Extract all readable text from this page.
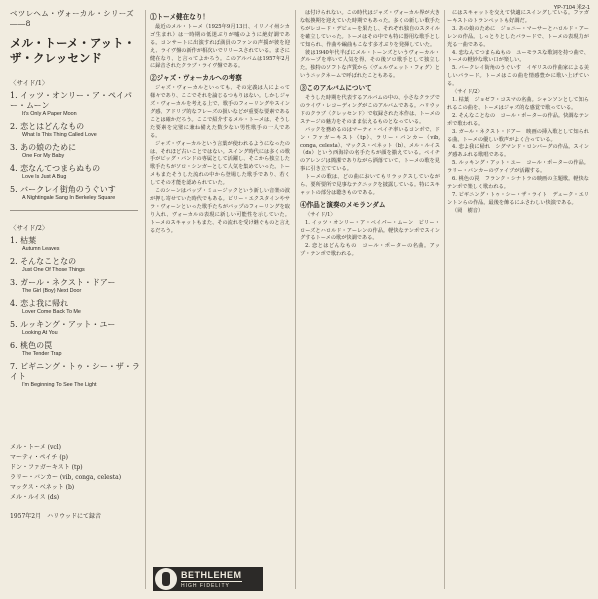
YP-7104 米2-1
ベツレヘム・ヴォーカル・シリーズ――8
メル・トーメ・アット・ザ・クレッセンド
〈サイド/1〉
1. イッツ・オンリー・ア・ペイパー・ムーン
It's Only A Paper Moon
2. 恋とはどんなもの
What Is This Thing Called Love
3. あの娘のために
One For My Baby
4. 恋なんてつまらぬもの
Love Is Just A Bug
5. バークレイ街角のうぐいす
A Nightingale Sang In Berkeley Square
〈サイド/2〉
1. 枯葉
Autumn Leaves
2. そんなことなの
Just One Of Those Things
3. ガール・ネクスト・ドアー
The Girl (Boy) Next Door
4. 恋よ我に帰れ
Lover Come Back To Me
5. ルッキング・アット・ユー
Looking At You
6. 桃色の罠
The Tender Trap
7. ビギニング・トゥ・シー・ザ・ライト
I'm Beginning To See The Light
メル・トーメ (vcl)
マーティ・ペイチ (p)
ドン・ファガーキスト (tp)
ラリー・バンカー (vib, conga, celesta)
マックス・ベネット (b)
メル・ルイス (ds)
1957年2月　ハリウッドにて録音
①トーメ健在なり！

最近のメル・トーメ（1925年9月13日、イリノイ州シカゴ生まれ）は一時期の低迷ぶりが嘘のように絶好調である。コンサートに出演すれば満員のファンの声援が彼を迎え、ライヴ盤の新作が相次いでリリースされている。まさに健在なり、と言ってよかろう。このアルバムは1957年2月に録音されたクラブ・ライヴ盤である。

②ジャズ・ヴォーカルへの考察

ジャズ・ヴォーカルといっても、その定義は人によって様々であり、ここでそれを論じるつもりはない。しかしジャズ・ヴォーカルを考える上で、歌手のフィーリングやスイング感、アドリブ的なフレーズの扱いなどが重要な要素であることは確かだろう。ここで紹介するメル・トーメは、そうした要素を完璧に兼ね備えた数少ない男性歌手の一人である。

ジャズ・ヴォーカルという言葉が使われるようになったのは、それほど古いことではない。スイング時代には多くの歌手がビッグ・バンドの専属として活躍し、そこから独立した歌手たちがソロ・シンガーとして人気を集めていった。トーメもまたそうした流れの中から登場した歌手であり、若くしてその才能を認められていた。

このシーンはバップ・ミュージックという新しい音楽の波が押し寄せていた時代でもある。ビリー・エクスタインやサラ・ヴォーンといった歌手たちがバップのフィーリングを取り入れ、ヴォーカルの表現に新しい可能性を示していた。トーメのスキャットもまた、その流れを受け継ぐものと言えるだろう。

は付けられない。この時代はジャズ・ヴォーカル界が大きな転換期を迎えていた時期でもあった。多くの新しい歌手たちがレコード・デビューを果たし、それぞれ独自のスタイルを確立していった。トーメはその中でも特に器用な歌手として知られ、作曲や編曲もこなす多才ぶりを発揮していた。

彼は1940年代半ばにメル・トーンズというヴォーカル・グループを率いて人気を得、その後ソロ歌手として独立した。独特のソフトな声質から〈ヴェルヴェット・フォグ〉というニックネームで呼ばれたこともある。

③このアルバムについて

そうした時期を代表するアルバムの中の、小さなクラブでのライヴ・レコーディングがこのアルバムである。ハリウッドのクラブ〈クレッセンド〉で収録された本作は、トーメのステージの魅力をそのまま伝えるものとなっている。

バックを務めるのはマーティ・ペイチ率いるコンボで、ドン・ファガーキスト（tp）、ラリー・バンカー（vib, conga, celesta）、マックス・ベネット（b）、メル・ルイス（ds）という西海岸の名手たちが顔を揃えている。ペイチのアレンジは簡潔でありながら洒落ていて、トーメの歌を見事に引き立てている。

トーメの歌は、どの曲においてもリラックスしていながら、要所要所で見事なテクニックを披露している。特にスキャットの部分は聴きものである。

④作品と演奏のメモランダム

〈サイド/1〉

1. イッツ・オンリー・ア・ペイパー・ムーン　ビリー・ローズとハロルド・アーレンの作品。軽快なテンポでスイングするトーメの歌が快調である。

2. 恋とはどんなもの　コール・ポーターの名曲。アップ・テンポで歌われる。

にはスキャットを交えて快適にスイングしている。ファガーキストのトランペットも好調だ。

3. あの娘のために　ジョニー・マーサーとハロルド・アーレンの作品。しっとりとしたバラードで、トーメの表現力が光る一曲である。

4. 恋なんてつまらぬもの　ユーモラスな歌詞を持つ曲で、トーメの軽妙な歌い口が楽しい。

5. バークレイ街角のうぐいす　イギリスの作曲家による美しいバラード。トーメはこの曲を情感豊かに歌い上げている。

〈サイド/2〉

1. 枯葉　ジョゼフ・コスマの名曲。シャンソンとして知られるこの曲を、トーメはジャズ的な感覚で歌っている。

2. そんなことなの　コール・ポーターの作品。快調なテンポで歌われる。

3. ガール・ネクスト・ドアー　映画の挿入歌として知られる曲。トーメの優しい歌声がよく合っている。

4. 恋よ我に帰れ　シグマンド・ロンバーグの作品。スイング感あふれる歌唱である。

5. ルッキング・アット・ユー　コール・ポーターの作品。ラリー・バンカーのヴァイブが活躍する。

6. 桃色の罠　フランク・シナトラの映画の主題歌。軽快なテンポで楽しく歌われる。

7. ビギニング・トゥ・シー・ザ・ライト　デューク・エリントンらの作品。最後を飾るにふさわしい快演である。

（岡　樹音）

BETHLEHEM
HIGH FIDELITY
